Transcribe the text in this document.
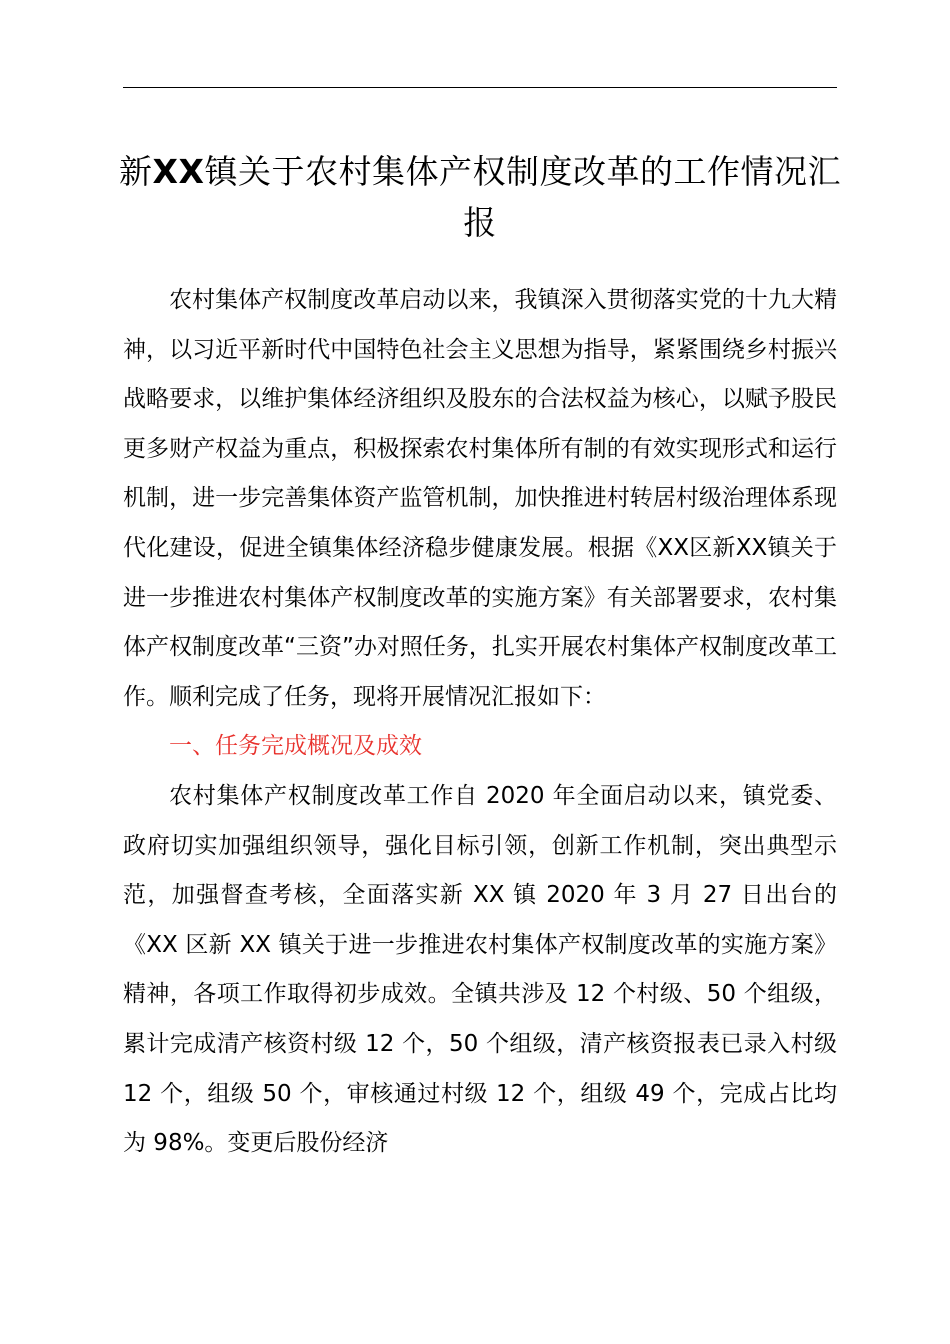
新XX镇关于农村集体产权制度改革的工作情况汇报

农村集体产权制度改革启动以来，我镇深入贯彻落实党的十九大精神，以习近平新时代中国特色社会主义思想为指导，紧紧围绕乡村振兴战略要求，以维护集体经济组织及股东的合法权益为核心，以赋予股民更多财产权益为重点，积极探索农村集体所有制的有效实现形式和运行机制，进一步完善集体资产监管机制，加快推进村转居村级治理体系现代化建设，促进全镇集体经济稳步健康发展。根据《XX区新XX镇关于进一步推进农村集体产权制度改革的实施方案》有关部署要求，农村集体产权制度改革“三资”办对照任务，扎实开展农村集体产权制度改革工作。顺利完成了任务，现将开展情况汇报如下：

一、任务完成概况及成效

农村集体产权制度改革工作自 2020 年全面启动以来，镇党委、政府切实加强组织领导，强化目标引领，创新工作机制，突出典型示范，加强督查考核，全面落实新 XX 镇 2020 年 3 月 27 日出台的《XX 区新 XX 镇关于进一步推进农村集体产权制度改革的实施方案》精神，各项工作取得初步成效。全镇共涉及 12 个村级、50 个组级，累计完成清产核资村级 12 个，50 个组级，清产核资报表已录入村级 12 个，组级 50 个，审核通过村级 12 个，组级 49 个，完成占比均为 98%。变更后股份经济
